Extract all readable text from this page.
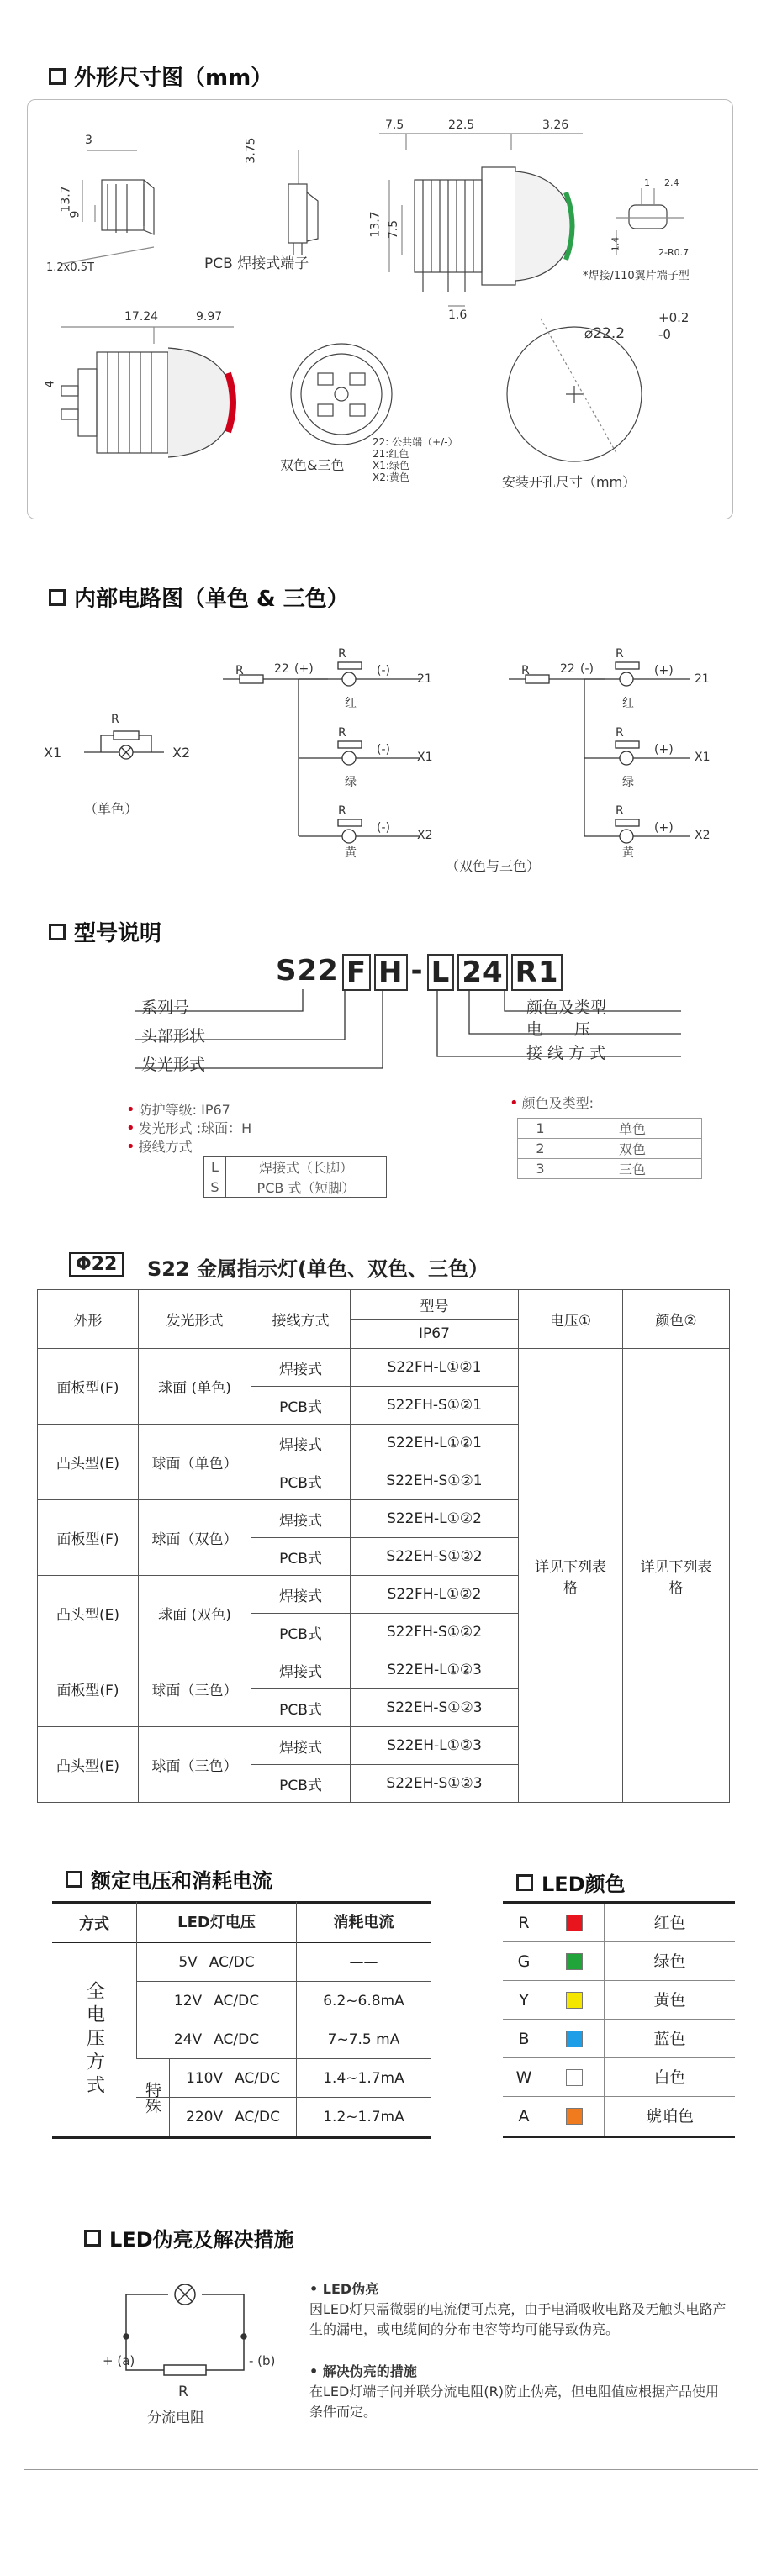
外形尺寸图（mm）
3	3.75
13.7
9
1.2x0.5T	PCB 焊接式端子
7.5	22.5	3.26
13.7 7.5
1.6
1 2.4
1.4
2-R0.7
*焊接/110翼片端子型
17.24	9.97
4
双色&三色
22: 公共端（+/-）
21:红色
X1:绿色
X2:黄色
+0.2
⌀22.2	-0
安装开孔尺寸（mm）
内部电路图（单色 & 三色）
R
X1	X2
（单色）
R	22 (+)
R
(-)
红
21
R
(-)
绿
X1
R
(-)
黄
X2
R	22 (-)
R
(+)
红
21
R
(+)
绿
X1
R
(+)
黄
X2
（双色与三色）
型号说明
S22 F H - L 24 R1
系列号
头部形状
发光形式
颜色及类型
电　　压
接 线 方 式
• 防护等级: IP67
• 发光形式 :球面：H
• 接线方式
L	焊接式（长脚）
S	PCB 式（短脚）
• 颜色及类型:
1	单色
2	双色
3	三色
Φ22	S22 金属指示灯(单色、双色、三色）
外形	发光形式	接线方式	型号	电压①	颜色②
			IP67		
面板型(F)	球面 (单色)	焊接式	S22FH-L①②1	详见下列表格	详见下列表格
		PCB式	S22FH-S①②1		
凸头型(E)	球面（单色）	焊接式	S22EH-L①②1		
		PCB式	S22EH-S①②1		
面板型(F)	球面（双色）	焊接式	S22EH-L①②2		
		PCB式	S22EH-S①②2		
凸头型(E)	球面 (双色)	焊接式	S22FH-L①②2		
		PCB式	S22FH-S①②2		
面板型(F)	球面（三色）	焊接式	S22EH-L①②3		
		PCB式	S22EH-S①②3		
凸头型(E)	球面（三色）	焊接式	S22EH-L①②3		
		PCB式	S22EH-S①②3		
额定电压和消耗电流
方式	LED灯电压	消耗电流
全电压方式
5V AC/DC	——
12V AC/DC	6.2~6.8mA
24V AC/DC	7~7.5 mA
特殊
110V AC/DC	1.4~1.7mA
220V AC/DC	1.2~1.7mA
LED颜色
R	红色
G	绿色
Y	黄色
B	蓝色
W	白色
A	琥珀色
LED伪亮及解决措施
+ (a)	- (b)
R
分流电阻
• LED伪亮
因LED灯只需微弱的电流便可点亮，由于电涌吸收电路及无触头电路产生的漏电，或电缆间的分布电容等均可能导致伪亮。
• 解决伪亮的措施
在LED灯端子间并联分流电阻(R)防止伪亮，但电阻值应根据产品使用条件而定。
